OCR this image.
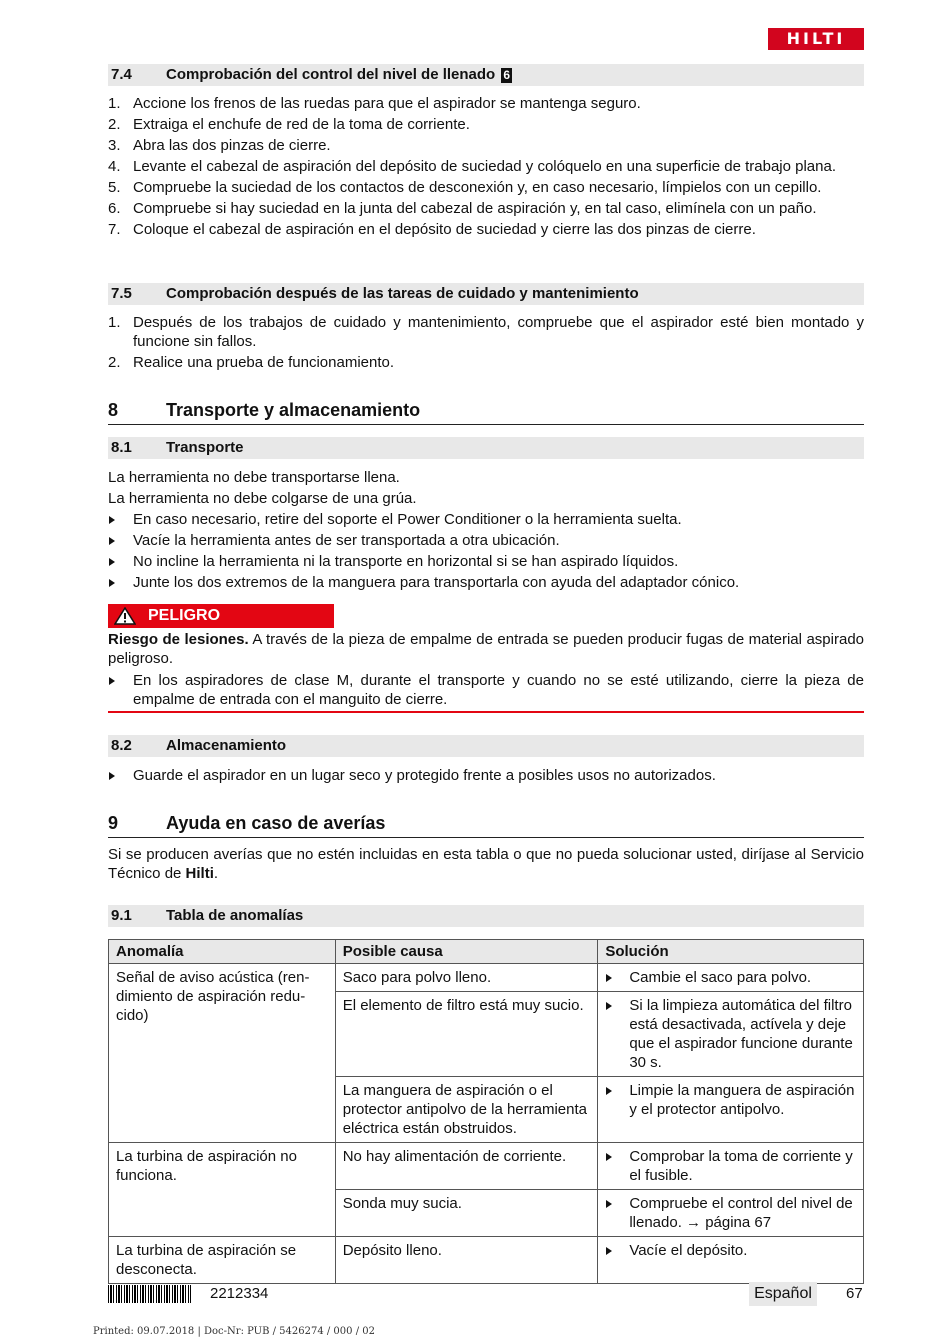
HILTI
7.4 Comprobación del control del nivel de llenado 6
1. Accione los frenos de las ruedas para que el aspirador se mantenga seguro.
2. Extraiga el enchufe de red de la toma de corriente.
3. Abra las dos pinzas de cierre.
4. Levante el cabezal de aspiración del depósito de suciedad y colóquelo en una superficie de trabajo plana.
5. Compruebe la suciedad de los contactos de desconexión y, en caso necesario, límpielos con un cepillo.
6. Compruebe si hay suciedad en la junta del cabezal de aspiración y, en tal caso, elimínela con un paño.
7. Coloque el cabezal de aspiración en el depósito de suciedad y cierre las dos pinzas de cierre.
7.5 Comprobación después de las tareas de cuidado y mantenimiento
1. Después de los trabajos de cuidado y mantenimiento, compruebe que el aspirador esté bien montado y funcione sin fallos.
2. Realice una prueba de funcionamiento.
8	Transporte y almacenamiento
8.1 Transporte
La herramienta no debe transportarse llena.
La herramienta no debe colgarse de una grúa.
En caso necesario, retire del soporte el Power Conditioner o la herramienta suelta.
Vacíe la herramienta antes de ser transportada a otra ubicación.
No incline la herramienta ni la transporte en horizontal si se han aspirado líquidos.
Junte los dos extremos de la manguera para transportarla con ayuda del adaptador cónico.
PELIGRO
Riesgo de lesiones. A través de la pieza de empalme de entrada se pueden producir fugas de material aspirado peligroso.
En los aspiradores de clase M, durante el transporte y cuando no se esté utilizando, cierre la pieza de empalme de entrada con el manguito de cierre.
8.2 Almacenamiento
Guarde el aspirador en un lugar seco y protegido frente a posibles usos no autorizados.
9	Ayuda en caso de averías
Si se producen averías que no estén incluidas en esta tabla o que no pueda solucionar usted, diríjase al Servicio Técnico de Hilti.
9.1 Tabla de anomalías
Anomalía	Posible causa	Solución
Señal de aviso acústica (rendimiento de aspiración reducido)	Saco para polvo lleno.	Cambie el saco para polvo.

	El elemento de filtro está muy sucio.	Si la limpieza automática del filtro está desactivada, actívela y deje que el aspirador funcione durante 30 s.

	La manguera de aspiración o el protector antipolvo de la herramienta eléctrica están obstruidos.	Limpie la manguera de aspiración y el protector antipolvo.

La turbina de aspiración no funciona.	No hay alimentación de corriente.	Comprobar la toma de corriente y el fusible.

	Sonda muy sucia.	Compruebe el control del nivel de llenado. → página 67

La turbina de aspiración se desconecta.	Depósito lleno.	Vacíe el depósito.
2212334	Español	67
Printed: 09.07.2018 | Doc-Nr: PUB / 5426274 / 000 / 02
